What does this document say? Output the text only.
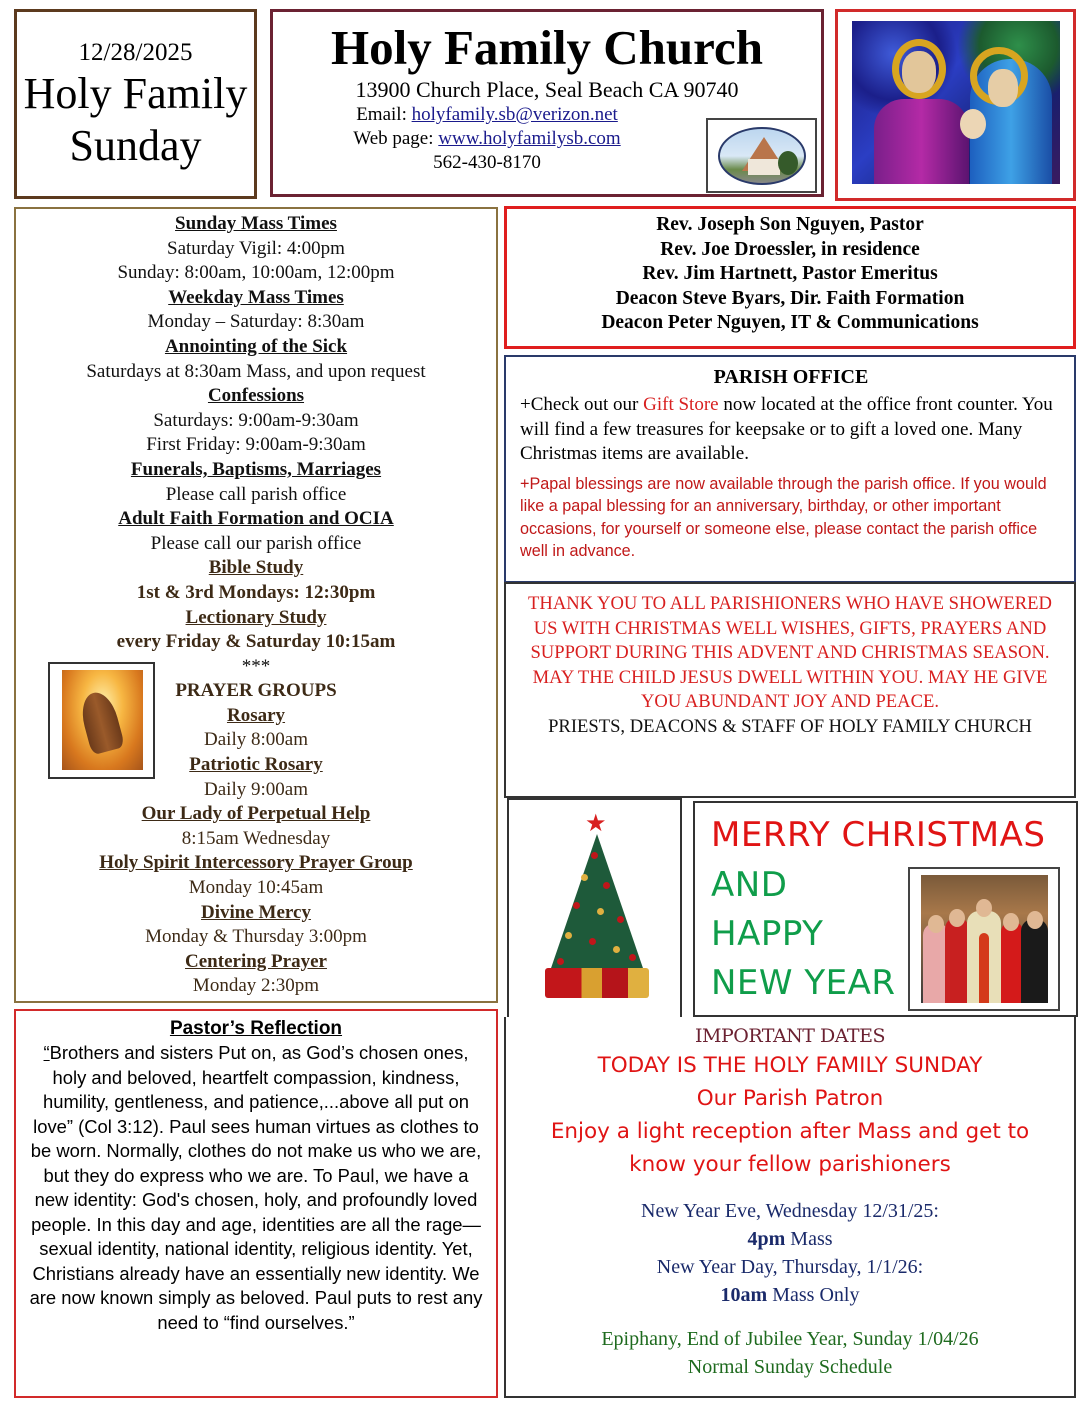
12/28/2025
Holy Family
Sunday
Holy Family Church
13900 Church Place, Seal Beach CA 90740
Email: holyfamily.sb@verizon.net
Web page: www.holyfamilysb.com
562-430-8170
Sunday Mass Times
Saturday Vigil: 4:00pm
Sunday: 8:00am, 10:00am, 12:00pm
Weekday Mass Times
Monday – Saturday: 8:30am
Annointing of the Sick
Saturdays at 8:30am Mass, and upon request
Confessions
Saturdays: 9:00am-9:30am
First Friday: 9:00am-9:30am
Funerals, Baptisms, Marriages
Please call parish office
Adult Faith Formation and OCIA
Please call our parish office
Bible Study
1st & 3rd Mondays: 12:30pm
Lectionary Study
every Friday & Saturday 10:15am
***
PRAYER GROUPS
Rosary
Daily 8:00am
Patriotic Rosary
Daily 9:00am
Our Lady of Perpetual Help
8:15am Wednesday
Holy Spirit Intercessory Prayer Group
Monday 10:45am
Divine Mercy
Monday & Thursday 3:00pm
Centering Prayer
Monday 2:30pm
Pastor’s Reflection
“Brothers and sisters Put on, as God’s chosen ones, holy and beloved, heartfelt compassion, kindness, humility, gentleness, and patience,...above all put on love” (Col 3:12). Paul sees human virtues as clothes to be worn. Normally, clothes do not make us who we are, but they do express who we are. To Paul, we have a new identity: God's chosen, holy, and profoundly loved people. In this day and age, identities are all the rage—sexual identity, national identity, religious identity. Yet, Christians already have an essentially new identity. We are now known simply as beloved. Paul puts to rest any need to “find ourselves.”
Rev. Joseph Son Nguyen, Pastor
Rev. Joe Droessler, in residence
Rev. Jim Hartnett, Pastor Emeritus
Deacon Steve Byars, Dir. Faith Formation
Deacon Peter Nguyen, IT & Communications
PARISH OFFICE
+Check out our Gift Store now located at the office front counter. You will find a few treasures for keepsake or to gift a loved one. Many Christmas items are available.
+Papal blessings are now available through the parish office. If you would like a papal blessing for an anniversary, birthday, or other important occasions, for yourself or someone else, please contact the parish office well in advance.
THANK YOU TO ALL PARISHIONERS WHO HAVE SHOWERED US WITH CHRISTMAS WELL WISHES, GIFTS, PRAYERS AND SUPPORT DURING THIS ADVENT AND CHRISTMAS SEASON. MAY THE CHILD JESUS DWELL WITHIN YOU. MAY HE GIVE YOU ABUNDANT JOY AND PEACE.
PRIESTS, DEACONS & STAFF OF HOLY FAMILY CHURCH
★	MERRY CHRISTMAS
AND
HAPPY
NEW YEAR
IMPORTANT DATES
TODAY IS THE HOLY FAMILY SUNDAY
Our Parish Patron
Enjoy a light reception after Mass and get to
know your fellow parishioners
New Year Eve, Wednesday 12/31/25:
4pm Mass
New Year Day, Thursday, 1/1/26:
10am Mass Only
Epiphany, End of Jubilee Year, Sunday 1/04/26
Normal Sunday Schedule
